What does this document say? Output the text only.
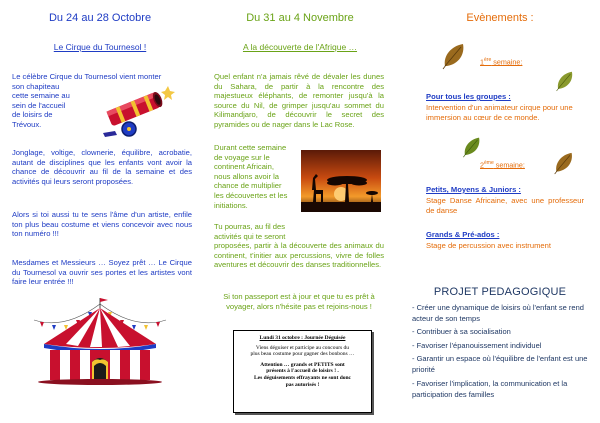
Du 24 au 28 Octobre
Le Cirque du Tournesol !
Le célèbre Cirque du Tournesol vient monter
son chapiteau
cette semaine au
sein de l'accueil
de loisirs de
Trévoux.
Jonglage, voltige, clownerie, équilibre, acrobatie, autant de disciplines que les enfants vont avoir la chance de découvrir au fil de la semaine et des activités qui leurs seront proposées.
Alors si toi aussi tu te sens l'âme d'un artiste, enfile ton plus beau costume et viens concevoir avec nous ton numéro !!!
Mesdames et Messieurs … Soyez prêt … Le Cirque du Tournesol va ouvrir ses portes et les artistes vont faire leur entrée !!!
Du 31 au 4 Novembre
A la découverte de l'Afrique …
Quel enfant n'a jamais rêvé de dévaler les dunes du Sahara, de partir à la rencontre des majestueux éléphants, de remonter jusqu'à la source du Nil, de grimper jusqu'au sommet du Kilimandjaro, de découvrir le secret des pyramides ou de nager dans le Lac Rose.
Durant cette semaine
de voyage sur le
continent Africain,
nous allons avoir la
chance de multiplier
les découvertes et les
initiations.
Tu pourras, au fil des
activités qui te seront
proposées, partir à la découverte des animaux du continent, t'initier aux percussions, vivre de folles aventures et découvrir des danses traditionnelles.
Si ton passeport est à jour et que tu es prêt à voyager, alors n'hésite pas et rejoins-nous !

Lundi 31 octobre : Journée Déguisée

Viens déguiser et participe au concours du

plus beau costume pour gagner des bonbons …

Attention … grands et PETITS sont

présents à l'accueil de loisirs ! .

Les déguisements effrayants ne sont donc

pas autorisés !

Evènements :
1ère semaine:
Pour tous les groupes :
Intervention d'un animateur cirque pour une immersion au cœur de ce monde.
2ème semaine:
Petits, Moyens & Juniors :
Stage Danse Africaine, avec une professeur de danse
Grands & Pré-ados :
Stage de percussion avec instrument
PROJET PEDAGOGIQUE
- Créer une dynamique de loisirs où l'enfant se rend acteur de son temps
- Contribuer à sa socialisation
- Favoriser l'épanouissement individuel
- Garantir un espace où l'équilibre de l'enfant est une priorité
- Favoriser l'implication, la communication et la participation des familles
